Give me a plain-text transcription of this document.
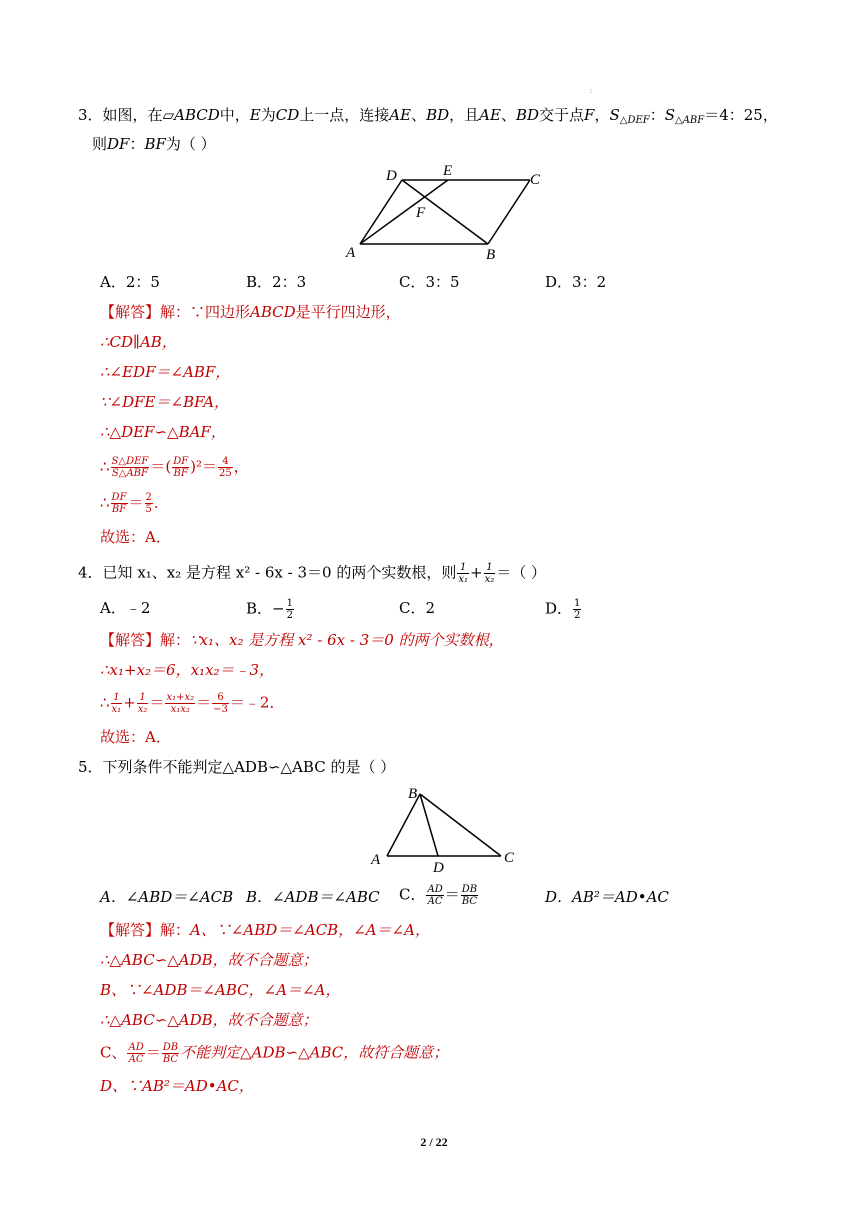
⁝
3．如图，在▱ABCD中，E为CD上一点，连接AE、BD，且AE、BD交于点F，$S_{\triangle DEF}$：$S_{\triangle ABF}=4$：25，
则DF：BF为（ ）
D	E
C
F
A	B
A．2：5	B．2：3	C．3：5	D．3：2
【解答】解：∵四边形ABCD是平行四边形，
∴CD∥AB，
∴∠EDF＝∠ABF，
∵∠DFE＝∠BFA，
∴△DEF∽△BAF，
∴ $\frac{\text{S△DEF}}{\text{S△ABF}}$ ＝( $\frac{DF}{BF} )^2= \frac{4}{25}$ ，
∴ $\frac{DF}{BF} = \frac{2}{5}$ ．
故选：A．
4．已知 x₁、x₂ 是方程 x² - 6x - 3＝0 的两个实数根，则 $\frac{1}{\text{x₁}} + \frac{1}{\text{x₂}}$ ＝（ ）
A．﹣2	B．− $\frac{1}{2}$	C．2	D． $\frac{1}{2}$
【解答】解：∵x₁、x₂ 是方程 x² - 6x - 3＝0 的两个实数根，
∴x₁+x₂＝6，x₁x₂＝﹣3，
∴ $\frac{1}{\text{x₁}} + \frac{1}{\text{x₂}} = \frac{\text{x₁+x₂}}{\text{x₁x₂}} = \frac{6}{-3}$ ＝﹣2．
故选：A．
5．下列条件不能判定△ADB∽△ABC 的是（ ）
B
A	D
C
A．∠ABD＝∠ACB B．∠ADB＝∠ABC C． $\frac{AD}{AC} = \frac{DB}{BC}$	D．AB²＝AD•AC
【解答】解：A、∵∠ABD＝∠ACB，∠A＝∠A，
∴△ABC∽△ADB，故不合题意；
B、∵∠ADB＝∠ABC，∠A＝∠A，
∴△ABC∽△ADB，故不合题意；
C、 $\frac{AD}{AC} = \frac{DB}{BC}$ 不能判定△ADB∽△ABC，故符合题意；
D、∵AB²＝AD•AC，
2 / 22
